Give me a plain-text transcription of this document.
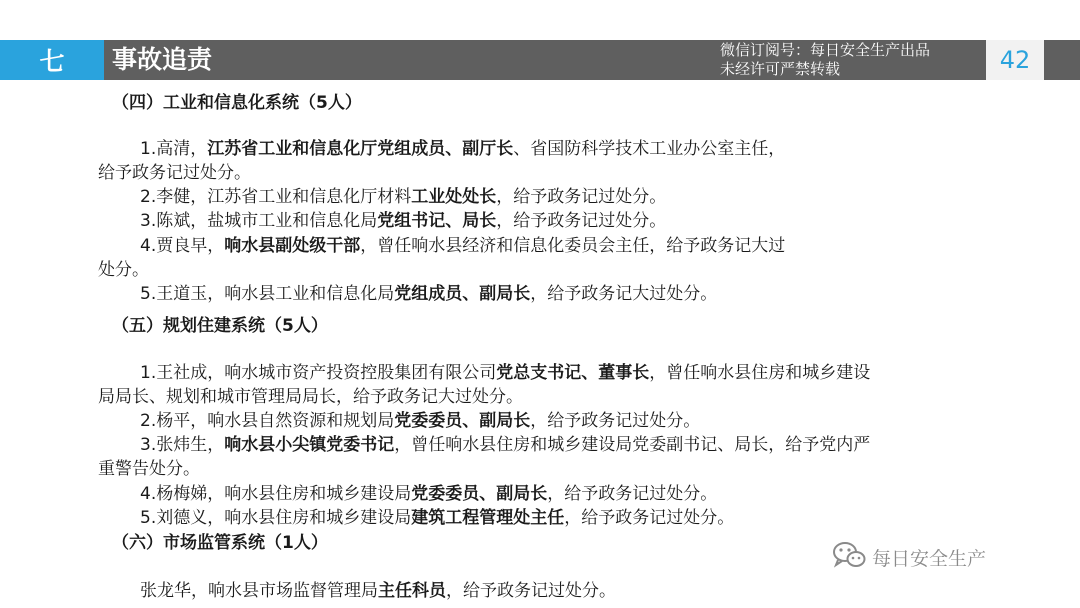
七 事故追责	微信订阅号：每日安全生产出品
未经许可严禁转载	42
（四）工业和信息化系统（5人）
1.高清，江苏省工业和信息化厅党组成员、副厅长、省国防科学技术工业办公室主任，
给予政务记过处分。
2.李健，江苏省工业和信息化厅材料工业处处长，给予政务记过处分。
3.陈斌，盐城市工业和信息化局党组书记、局长，给予政务记过处分。
4.贾良早，响水县副处级干部，曾任响水县经济和信息化委员会主任，给予政务记大过
处分。
5.王道玉，响水县工业和信息化局党组成员、副局长，给予政务记大过处分。
（五）规划住建系统（5人）
1.王社成，响水城市资产投资控股集团有限公司党总支书记、董事长，曾任响水县住房和城乡建设
局局长、规划和城市管理局局长，给予政务记大过处分。
2.杨平，响水县自然资源和规划局党委委员、副局长，给予政务记过处分。
3.张炜生，响水县小尖镇党委书记，曾任响水县住房和城乡建设局党委副书记、局长，给予党内严
重警告处分。
4.杨梅娣，响水县住房和城乡建设局党委委员、副局长，给予政务记过处分。
5.刘德义，响水县住房和城乡建设局建筑工程管理处主任，给予政务记过处分。
（六）市场监管系统（1人）
张龙华，响水县市场监督管理局主任科员，给予政务记过处分。
每日安全生产
